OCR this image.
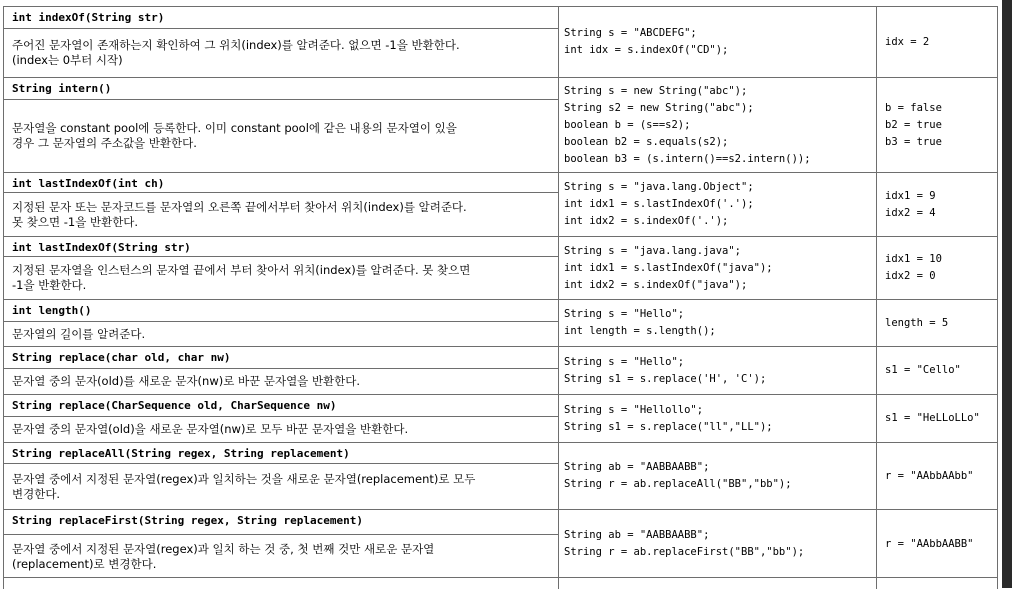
int indexOf(String str)
주어진 문자열이 존재하는지 확인하여 그 위치(index)를 알려준다. 없으면 -1을 반환한다.
(index는 0부터 시작)
String s = "ABCDEFG";
int idx = s.indexOf("CD");
idx = 2
String intern()
문자열을 constant pool에 등록한다. 이미 constant pool에 같은 내용의 문자열이 있을
경우 그 문자열의 주소값을 반환한다.
String s = new String("abc");
String s2 = new String("abc");
boolean b = (s==s2);
boolean b2 = s.equals(s2);
boolean b3 = (s.intern()==s2.intern());
b = false
b2 = true
b3 = true
int lastIndexOf(int ch)
지정된 문자 또는 문자코드를 문자열의 오른쪽 끝에서부터 찾아서 위치(index)를 알려준다.
못 찾으면 -1을 반환한다.
String s = "java.lang.Object";
int idx1 = s.lastIndexOf('.');
int idx2 = s.indexOf('.');
idx1 = 9
idx2 = 4
int lastIndexOf(String str)
지정된 문자열을 인스턴스의 문자열 끝에서 부터 찾아서 위치(index)를 알려준다. 못 찾으면
-1을 반환한다.
String s = "java.lang.java";
int idx1 = s.lastIndexOf("java");
int idx2 = s.indexOf("java");
idx1 = 10
idx2 = 0
int length()
문자열의 길이를 알려준다.
String s = "Hello";
int length = s.length();
length = 5
String replace(char old, char nw)
문자열 중의 문자(old)를 새로운 문자(nw)로 바꾼 문자열을 반환한다.
String s = "Hello";
String s1 = s.replace('H', 'C');
s1 = "Cello"
String replace(CharSequence old, CharSequence nw)
문자열 중의 문자열(old)을 새로운 문자열(nw)로 모두 바꾼 문자열을 반환한다.
String s = "Hellollo";
String s1 = s.replace("ll","LL");
s1 = "HeLLoLLo"
String replaceAll(String regex, String replacement)
문자열 중에서 지정된 문자열(regex)과 일치하는 것을 새로운 문자열(replacement)로 모두
변경한다.
String ab = "AABBAABB";
String r = ab.replaceAll("BB","bb");
r = "AAbbAAbb"
String replaceFirst(String regex, String replacement)
문자열 중에서 지정된 문자열(regex)과 일치 하는 것 중, 첫 번째 것만 새로운 문자열
(replacement)로 변경한다.
String ab = "AABBAABB";
String r = ab.replaceFirst("BB","bb");
r = "AAbbAABB"
